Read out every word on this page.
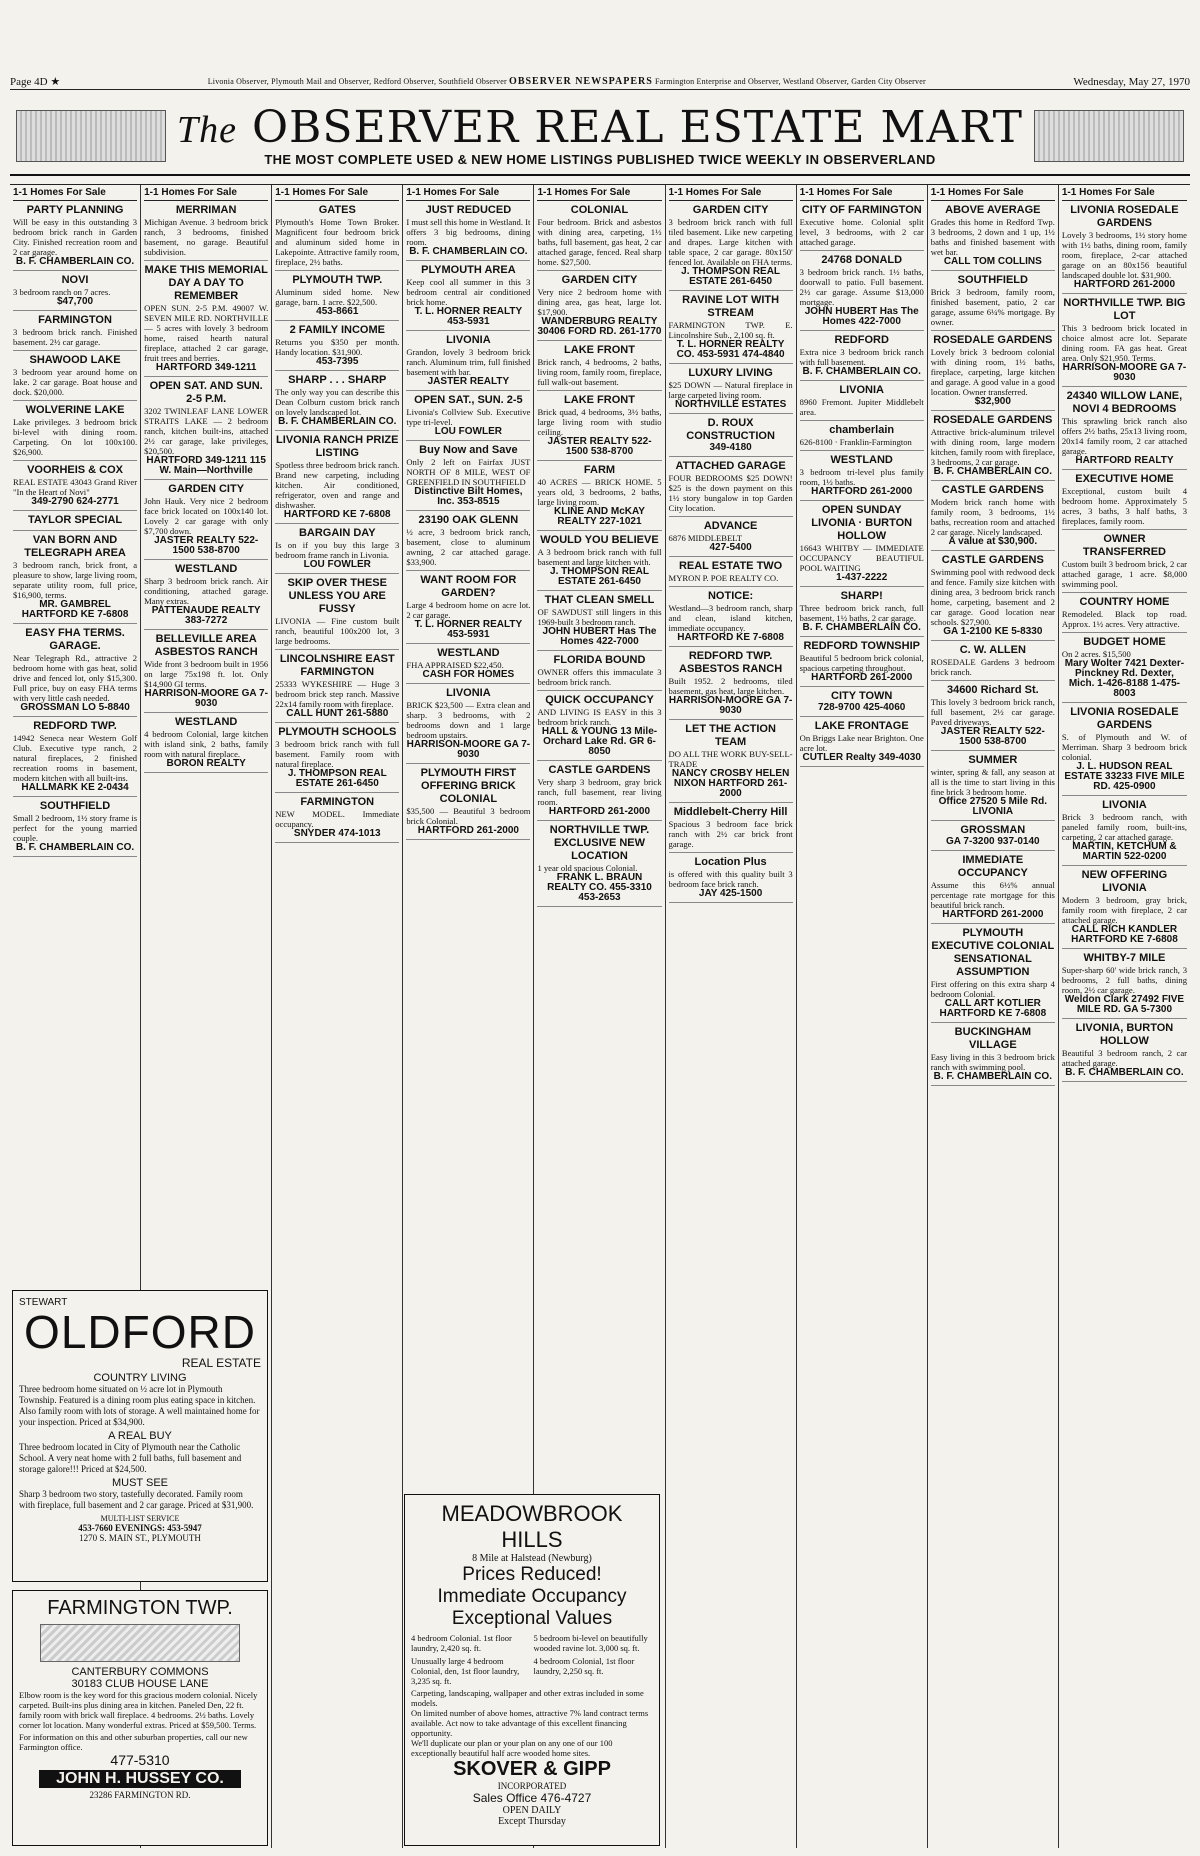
Page 4D ★	Livonia Observer, Plymouth Mail and Observer, Redford Observer, Southfield Observer OBSERVER NEWSPAPERS Farmington Enterprise and Observer, Westland Observer, Garden City Observer	Wednesday, May 27, 1970
The OBSERVER REAL ESTATE MART
THE MOST COMPLETE USED & NEW HOME LISTINGS PUBLISHED TWICE WEEKLY IN OBSERVERLAND
1-1 Homes For Sale
PARTY PLANNING
Will be easy in this outstanding 3 bedroom brick ranch in Garden City. Finished recreation room and 2 car garage.
B. F. CHAMBERLAIN CO.
NOVI
3 bedroom ranch on 7 acres.
$47,700
FARMINGTON
3 bedroom brick ranch. Finished basement. 2½ car garage.
SHAWOOD LAKE
3 bedroom year around home on lake. 2 car garage. Boat house and dock. $20,000.
WOLVERINE LAKE
Lake privileges. 3 bedroom brick bi-level with dining room. Carpeting. On lot 100x100. $26,900.
VOORHEIS & COX
REAL ESTATE 43043 Grand River "In the Heart of Novi"
349-2790 624-2771
TAYLOR SPECIAL
VAN BORN AND TELEGRAPH AREA
3 bedroom ranch, brick front, a pleasure to show, large living room, separate utility room, full price, $16,900, terms.
MR. GAMBREL HARTFORD KE 7-6808
EASY FHA TERMS. GARAGE.
Near Telegraph Rd., attractive 2 bedroom home with gas heat, solid drive and fenced lot, only $15,300. Full price, buy on easy FHA terms with very little cash needed.
GROSSMAN LO 5-8840
REDFORD TWP.
14942 Seneca near Western Golf Club. Executive type ranch, 2 natural fireplaces, 2 finished recreation rooms in basement, modern kitchen with all built-ins.
HALLMARK KE 2-0434
SOUTHFIELD
Small 2 bedroom, 1½ story frame is perfect for the young married couple.
B. F. CHAMBERLAIN CO.
1-1 Homes For Sale
MERRIMAN
Michigan Avenue. 3 bedroom brick ranch, 3 bedrooms, finished basement, no garage. Beautiful subdivision.
MAKE THIS MEMORIAL DAY A DAY TO REMEMBER
OPEN SUN. 2-5 P.M. 49007 W. SEVEN MILE RD. NORTHVILLE — 5 acres with lovely 3 bedroom home, raised hearth natural fireplace, attached 2 car garage, fruit trees and berries.
HARTFORD 349-1211
OPEN SAT. AND SUN. 2-5 P.M.
3202 TWINLEAF LANE LOWER STRAITS LAKE — 2 bedroom ranch, kitchen built-ins, attached 2½ car garage, lake privileges, $20,500.
HARTFORD 349-1211 115 W. Main—Northville
GARDEN CITY
John Hauk. Very nice 2 bedroom face brick located on 100x140 lot. Lovely 2 car garage with only $7,700 down.
JASTER REALTY 522-1500 538-8700
WESTLAND
Sharp 3 bedroom brick ranch. Air conditioning, attached garage. Many extras.
PATTENAUDE REALTY 383-7272
BELLEVILLE AREA ASBESTOS RANCH
Wide front 3 bedroom built in 1956 on large 75x198 ft. lot. Only $14,900 GI terms.
HARRISON-MOORE GA 7-9030
WESTLAND
4 bedroom Colonial, large kitchen with island sink, 2 baths, family room with natural fireplace.
BORON REALTY
1-1 Homes For Sale
GATES
Plymouth's Home Town Broker. Magnificent four bedroom brick and aluminum sided home in Lakepointe. Attractive family room, fireplace, 2½ baths.
PLYMOUTH TWP.
Aluminum sided home. New garage, barn. 1 acre. $22,500.
453-8661
2 FAMILY INCOME
Returns you $350 per month. Handy location. $31,900.
453-7395
SHARP . . . SHARP
The only way you can describe this Dean Colburn custom brick ranch on lovely landscaped lot.
B. F. CHAMBERLAIN CO.
LIVONIA RANCH PRIZE LISTING
Spotless three bedroom brick ranch. Brand new carpeting, including kitchen. Air conditioned, refrigerator, oven and range and dishwasher.
HARTFORD KE 7-6808
BARGAIN DAY
Is on if you buy this large 3 bedroom frame ranch in Livonia.
LOU FOWLER
SKIP OVER THESE UNLESS YOU ARE FUSSY
LIVONIA — Fine custom built ranch, beautiful 100x200 lot, 3 large bedrooms.
LINCOLNSHIRE EAST FARMINGTON
25333 WYKESHIRE — Huge 3 bedroom brick step ranch. Massive 22x14 family room with fireplace.
CALL HUNT 261-5880
PLYMOUTH SCHOOLS
3 bedroom brick ranch with full basement. Family room with natural fireplace.
J. THOMPSON REAL ESTATE 261-6450
FARMINGTON
NEW MODEL. Immediate occupancy.
SNYDER 474-1013
1-1 Homes For Sale
JUST REDUCED
I must sell this home in Westland. It offers 3 big bedrooms, dining room.
B. F. CHAMBERLAIN CO.
PLYMOUTH AREA
Keep cool all summer in this 3 bedroom central air conditioned brick home.
T. L. HORNER REALTY 453-5931
LIVONIA
Grandon, lovely 3 bedroom brick ranch. Aluminum trim, full finished basement with bar.
JASTER REALTY
OPEN SAT., SUN. 2-5
Livonia's Collview Sub. Executive type tri-level.
LOU FOWLER
Buy Now and Save
Only 2 left on Fairfax JUST NORTH OF 8 MILE, WEST OF GREENFIELD IN SOUTHFIELD
Distinctive Bilt Homes, Inc. 353-8515
23190 OAK GLENN
½ acre, 3 bedroom brick ranch, basement, close to aluminum awning, 2 car attached garage. $33,900.
WANT ROOM FOR GARDEN?
Large 4 bedroom home on acre lot. 2 car garage.
T. L. HORNER REALTY 453-5931
WESTLAND
FHA APPRAISED $22,450.
CASH FOR HOMES
LIVONIA
BRICK $23,500 — Extra clean and sharp. 3 bedrooms, with 2 bedrooms down and 1 large bedroom upstairs.
HARRISON-MOORE GA 7-9030
PLYMOUTH FIRST OFFERING BRICK COLONIAL
$35,500 — Beautiful 3 bedroom brick Colonial.
HARTFORD 261-2000
1-1 Homes For Sale
COLONIAL
Four bedroom. Brick and asbestos with dining area, carpeting, 1½ baths, full basement, gas heat, 2 car attached garage, fenced. Real sharp home. $27,500.
GARDEN CITY
Very nice 2 bedroom home with dining area, gas heat, large lot. $17,900.
WANDERBURG REALTY 30406 FORD RD. 261-1770
LAKE FRONT
Brick ranch, 4 bedrooms, 2 baths, living room, family room, fireplace, full walk-out basement.
LAKE FRONT
Brick quad, 4 bedrooms, 3½ baths, large living room with studio ceiling.
JASTER REALTY 522-1500 538-8700
FARM
40 ACRES — BRICK HOME. 5 years old, 3 bedrooms, 2 baths, large living room.
KLINE AND McKAY REALTY 227-1021
WOULD YOU BELIEVE
A 3 bedroom brick ranch with full basement and large kitchen with.
J. THOMPSON REAL ESTATE 261-6450
THAT CLEAN SMELL
OF SAWDUST still lingers in this 1969-built 3 bedroom ranch.
JOHN HUBERT Has The Homes 422-7000
FLORIDA BOUND
OWNER offers this immaculate 3 bedroom brick ranch.
QUICK OCCUPANCY
AND LIVING IS EASY in this 3 bedroom brick ranch.
HALL & YOUNG 13 Mile-Orchard Lake Rd. GR 6-8050
CASTLE GARDENS
Very sharp 3 bedroom, gray brick ranch, full basement, rear living room.
HARTFORD 261-2000
NORTHVILLE TWP. EXCLUSIVE NEW LOCATION
1 year old spacious Colonial.
FRANK L. BRAUN REALTY CO. 455-3310 453-2653
1-1 Homes For Sale
GARDEN CITY
3 bedroom brick ranch with full tiled basement. Like new carpeting and drapes. Large kitchen with table space, 2 car garage. 80x150' fenced lot. Available on FHA terms.
J. THOMPSON REAL ESTATE 261-6450
RAVINE LOT WITH STREAM
FARMINGTON TWP. E. Lincolnshire Sub., 2,100 sq. ft.
T. L. HORNER REALTY CO. 453-5931 474-4840
LUXURY LIVING
$25 DOWN — Natural fireplace in large carpeted living room.
NORTHVILLE ESTATES
D. ROUX CONSTRUCTION
349-4180
ATTACHED GARAGE
FOUR BEDROOMS $25 DOWN! $25 is the down payment on this 1½ story bungalow in top Garden City location.
ADVANCE
6876 MIDDLEBELT
427-5400
REAL ESTATE TWO
MYRON P. POE REALTY CO.
NOTICE:
Westland—3 bedroom ranch, sharp and clean, island kitchen, immediate occupancy.
HARTFORD KE 7-6808
REDFORD TWP. ASBESTOS RANCH
Built 1952. 2 bedrooms, tiled basement, gas heat, large kitchen.
HARRISON-MOORE GA 7-9030
LET THE ACTION TEAM
DO ALL THE WORK BUY-SELL-TRADE
NANCY CROSBY HELEN NIXON HARTFORD 261-2000
Middlebelt-Cherry Hill
Spacious 3 bedroom face brick ranch with 2½ car brick front garage.
Location Plus
is offered with this quality built 3 bedroom face brick ranch.
JAY 425-1500
1-1 Homes For Sale
CITY OF FARMINGTON
Executive home. Colonial split level, 3 bedrooms, with 2 car attached garage.
24768 DONALD
3 bedroom brick ranch. 1½ baths, doorwall to patio. Full basement. 2½ car garage. Assume $13,000 mortgage.
JOHN HUBERT Has The Homes 422-7000
REDFORD
Extra nice 3 bedroom brick ranch with full basement.
B. F. CHAMBERLAIN CO.
LIVONIA
8960 Fremont. Jupiter Middlebelt area.
chamberlain
626-8100 · Franklin-Farmington
WESTLAND
3 bedroom tri-level plus family room, 1½ baths.
HARTFORD 261-2000
OPEN SUNDAY LIVONIA · BURTON HOLLOW
16643 WHITBY — IMMEDIATE OCCUPANCY BEAUTIFUL POOL WAITING
1-437-2222
SHARP!
Three bedroom brick ranch, full basement, 1½ baths, 2 car garage.
B. F. CHAMBERLAIN CO.
REDFORD TOWNSHIP
Beautiful 5 bedroom brick colonial, spacious carpeting throughout.
HARTFORD 261-2000
CITY TOWN
728-9700 425-4060
LAKE FRONTAGE
On Briggs Lake near Brighton. One acre lot.
CUTLER Realty 349-4030
1-1 Homes For Sale
ABOVE AVERAGE
Grades this home in Redford Twp. 3 bedrooms, 2 down and 1 up, 1½ baths and finished basement with wet bar.
CALL TOM COLLINS
SOUTHFIELD
Brick 3 bedroom, family room, finished basement, patio, 2 car garage, assume 6¼% mortgage. By owner.
ROSEDALE GARDENS
Lovely brick 3 bedroom colonial with dining room, 1½ baths, fireplace, carpeting, large kitchen and garage. A good value in a good location. Owner transferred.
$32,900
ROSEDALE GARDENS
Attractive brick-aluminum trilevel with dining room, large modern kitchen, family room with fireplace, 3 bedrooms, 2 car garage.
B. F. CHAMBERLAIN CO.
CASTLE GARDENS
Modern brick ranch home with family room, 3 bedrooms, 1½ baths, recreation room and attached 2 car garage. Nicely landscaped.
A value at $30,900.
CASTLE GARDENS
Swimming pool with redwood deck and fence. Family size kitchen with dining area, 3 bedroom brick ranch home, carpeting, basement and 2 car garage. Good location near schools. $27,900.
GA 1-2100 KE 5-8330
C. W. ALLEN
ROSEDALE Gardens 3 bedroom brick ranch.
34600 Richard St.
This lovely 3 bedroom brick ranch, full basement, 2½ car garage. Paved driveways.
JASTER REALTY 522-1500 538-8700
SUMMER
winter, spring & fall, any season at all is the time to start living in this fine brick 3 bedroom home.
Office 27520 5 Mile Rd. LIVONIA
GROSSMAN
GA 7-3200 937-0140
IMMEDIATE OCCUPANCY
Assume this 6½% annual percentage rate mortgage for this beautiful brick ranch.
HARTFORD 261-2000
PLYMOUTH EXECUTIVE COLONIAL SENSATIONAL ASSUMPTION
First offering on this extra sharp 4 bedroom Colonial.
CALL ART KOTLIER HARTFORD KE 7-6808
BUCKINGHAM VILLAGE
Easy living in this 3 bedroom brick ranch with swimming pool.
B. F. CHAMBERLAIN CO.
1-1 Homes For Sale
LIVONIA ROSEDALE GARDENS
Lovely 3 bedrooms, 1½ story home with 1½ baths, dining room, family room, fireplace, 2-car attached garage on an 80x156 beautiful landscaped double lot. $31,900.
HARTFORD 261-2000
NORTHVILLE TWP. BIG LOT
This 3 bedroom brick located in choice almost acre lot. Separate dining room. FA gas heat. Great area. Only $21,950. Terms.
HARRISON-MOORE GA 7-9030
24340 WILLOW LANE, NOVI 4 BEDROOMS
This sprawling brick ranch also offers 2½ baths, 25x13 living room, 20x14 family room, 2 car attached garage.
HARTFORD REALTY
EXECUTIVE HOME
Exceptional, custom built 4 bedroom home. Approximately 5 acres, 3 baths, 3 half baths, 3 fireplaces, family room.
OWNER TRANSFERRED
Custom built 3 bedroom brick, 2 car attached garage, 1 acre. $8,000 swimming pool.
COUNTRY HOME
Remodeled. Black top road. Approx. 1½ acres. Very attractive.
BUDGET HOME
On 2 acres. $15,500
Mary Wolter 7421 Dexter-Pinckney Rd. Dexter, Mich. 1-426-8188 1-475-8003
LIVONIA ROSEDALE GARDENS
S. of Plymouth and W. of Merriman. Sharp 3 bedroom brick colonial.
J. L. HUDSON REAL ESTATE 33233 FIVE MILE RD. 425-0900
LIVONIA
Brick 3 bedroom ranch, with paneled family room, built-ins, carpeting, 2 car attached garage.
MARTIN, KETCHUM & MARTIN 522-0200
NEW OFFERING LIVONIA
Modern 3 bedroom, gray brick, family room with fireplace, 2 car attached garage.
CALL RICH KANDLER HARTFORD KE 7-6808
WHITBY-7 MILE
Super-sharp 60' wide brick ranch, 3 bedrooms, 2 full baths, dining room, 2½ car garage.
Weldon Clark 27492 FIVE MILE RD. GA 5-7300
LIVONIA, BURTON HOLLOW
Beautiful 3 bedroom ranch, 2 car attached garage.
B. F. CHAMBERLAIN CO.
STEWART
OLDFORD
REAL ESTATE
COUNTRY LIVING
Three bedroom home situated on ½ acre lot in Plymouth Township. Featured is a dining room plus eating space in kitchen. Also family room with lots of storage. A well maintained home for your inspection. Priced at $34,900.
A REAL BUY
Three bedroom located in City of Plymouth near the Catholic School. A very neat home with 2 full baths, full basement and storage galore!!! Priced at $24,500.
MUST SEE
Sharp 3 bedroom two story, tastefully decorated. Family room with fireplace, full basement and 2 car garage. Priced at $31,900.
MULTI-LIST SERVICE
453-7660 EVENINGS: 453-5947
1270 S. MAIN ST., PLYMOUTH
FARMINGTON TWP.
CANTERBURY COMMONS
30183 CLUB HOUSE LANE
Elbow room is the key word for this gracious modern colonial. Nicely carpeted. Built-ins plus dining area in kitchen. Paneled Den, 22 ft. family room with brick wall fireplace. 4 bedrooms. 2½ baths. Lovely corner lot location. Many wonderful extras. Priced at $59,500. Terms.
For information on this and other suburban properties, call our new Farmington office.
477-5310
JOHN H. HUSSEY CO.
23286 FARMINGTON RD.
MEADOWBROOK HILLS
8 Mile at Halstead (Newburg)
Prices Reduced!
Immediate Occupancy
Exceptional Values
4 bedroom Colonial. 1st floor laundry, 2,420 sq. ft.
5 bedroom bi-level on beautifully wooded ravine lot. 3,000 sq. ft.
Unusually large 4 bedroom Colonial, den, 1st floor laundry, 3,235 sq. ft.
4 bedroom Colonial, 1st floor laundry, 2,250 sq. ft.
Carpeting, landscaping, wallpaper and other extras included in some models.
On limited number of above homes, attractive 7% land contract terms available. Act now to take advantage of this excellent financing opportunity.
We'll duplicate our plan or your plan on any one of our 100 exceptionally beautiful half acre wooded home sites.
SKOVER & GIPP
INCORPORATED
Sales Office 476-4727
OPEN DAILY
Except Thursday
